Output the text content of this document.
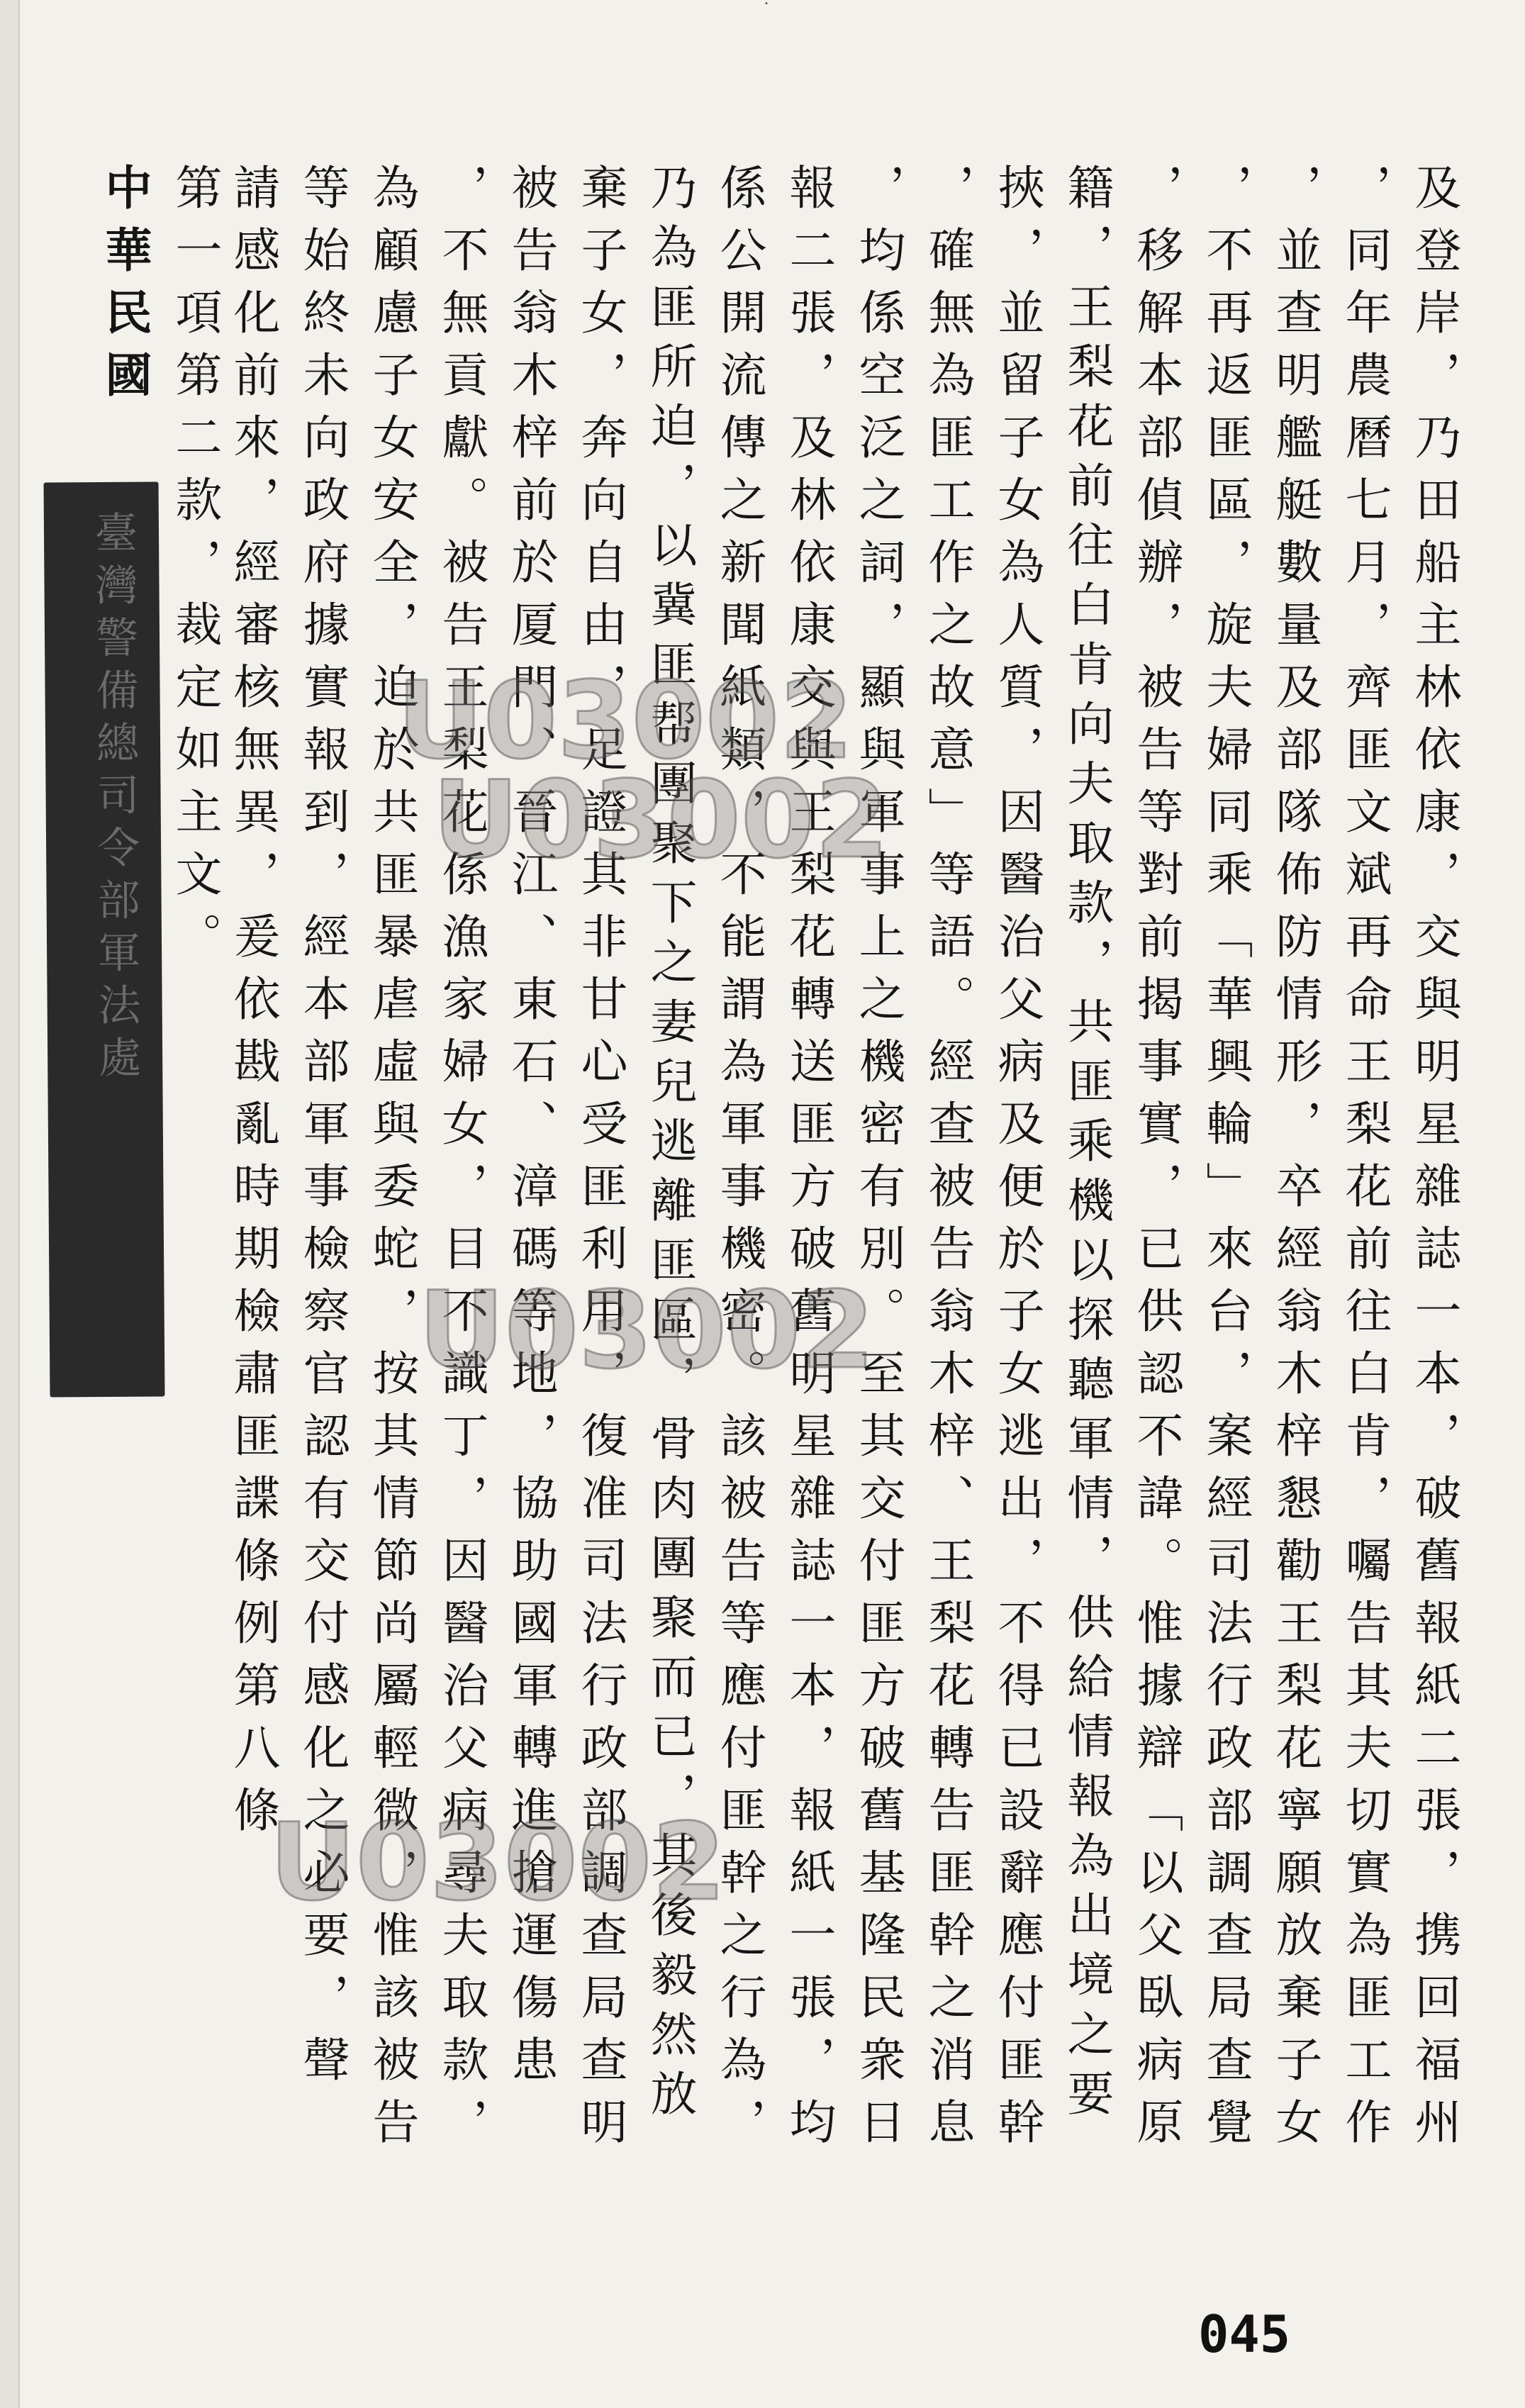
˙
及登岸，乃田船主林依康，交與明星雜誌一本，破舊報紙二張，携回福州
，同年農曆七月，齊匪文斌再命王梨花前往白肯，囑告其夫切實為匪工作
，並查明艦艇數量及部隊佈防情形，卒經翁木梓懇勸王梨花寧願放棄子女
，不再返匪區，旋夫婦同乘「華興輪」來台，案經司法行政部調查局查覺
，移解本部偵辦，被告等對前揭事實，已供認不諱。惟據辯「以父臥病原
籍，王梨花前往白肯向夫取款，共匪乘機以探聽軍情，供給情報為出境之要
挾，並留子女為人質，因醫治父病及便於子女逃出，不得已設辭應付匪幹
，確無為匪工作之故意」等語。經查被告翁木梓、王梨花轉告匪幹之消息
，均係空泛之詞，顯與軍事上之機密有別。至其交付匪方破舊基隆民衆日
報二張，及林依康交與王梨花轉送匪方破舊明星雜誌一本，報紙一張，均
係公開流傳之新聞紙類，不能謂為軍事機密。該被告等應付匪幹之行為，
乃為匪所迫，以冀匪帮團聚下之妻兒逃離匪區，骨肉團聚而已，其後毅然放
棄子女，奔向自由，足證其非甘心受匪利用，復准司法行政部調查局查明
被告翁木梓前於厦門、晉江、東石、漳碼等地，協助國軍轉進搶運傷患
，不無貢獻。被告王梨花係漁家婦女，目不識丁，因醫治父病尋夫取款，
為顧慮子女安全，迫於共匪暴虐虛與委蛇，按其情節尚屬輕微，惟該被告
等始終未向政府據實報到，經本部軍事檢察官認有交付感化之必要，聲
請感化前來，經審核無異，爰依戡亂時期檢肅匪諜條例第八條
第一項第二款，裁定如主文。
中華民國
臺灣警備總司令部軍法處 U03002
U03002
U03002
U03002
045
